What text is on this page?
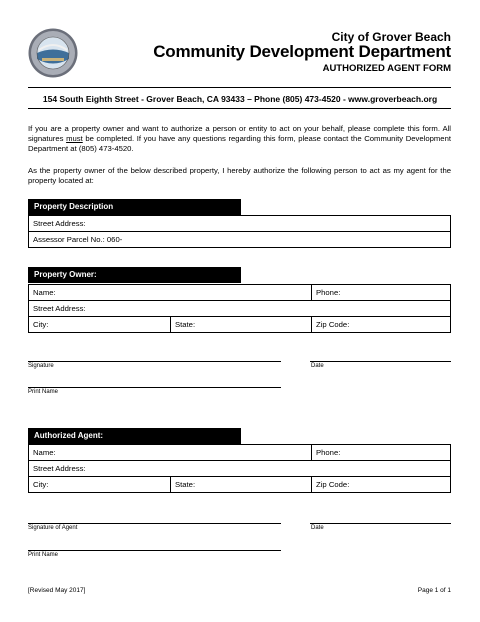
City of Grover Beach
Community Development Department
AUTHORIZED AGENT FORM
154 South Eighth Street - Grover Beach, CA 93433 – Phone (805) 473-4520 - www.groverbeach.org
If you are a property owner and want to authorize a person or entity to act on your behalf, please complete this form. All signatures must be completed. If you have any questions regarding this form, please contact the Community Development Department at (805) 473-4520.
As the property owner of the below described property, I hereby authorize the following person to act as my agent for the property located at:
Property Description
Street Address:
Assessor Parcel No.: 060-
Property Owner:
Name:		Phone:
Street Address:		
City:	State:	Zip Code:
Signature	Date
Print Name
Authorized Agent:
Name:		Phone:
Street Address:		
City:	State:	Zip Code:
Signature of Agent	Date
Print Name
[Revised May 2017]	Page 1 of 1
